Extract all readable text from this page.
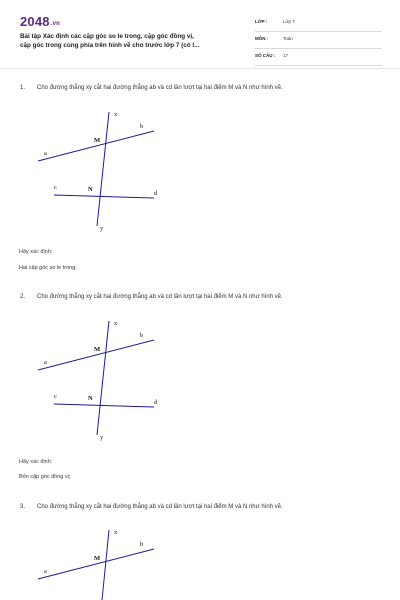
2048.vn
Bài tập Xác định các cặp góc so le trong, cặp góc đồng vị,
cặp góc trong cùng phía trên hình vẽ cho trước lớp 7 (có l...
LỚP :	Lớp 7
MÔN :	Toán
SỐ CÂU : 17
1. Cho đường thẳng xy cắt hai đường thẳng ab và cd lần lượt tại hai điểm M và N như hình vẽ.
x
y
a
b
c
d
M
N
Hãy xác định:
Hai cặp góc so le trong;
2. Cho đường thẳng xy cắt hai đường thẳng ab và cd lần lượt tại hai điểm M và N như hình vẽ.
x
y
a
b
c
d
M
N
Hãy xác định:
Bốn cặp góc đồng vị;
3. Cho đường thẳng xy cắt hai đường thẳng ab và cd lần lượt tại hai điểm M và N như hình vẽ.
x
a
b
M
